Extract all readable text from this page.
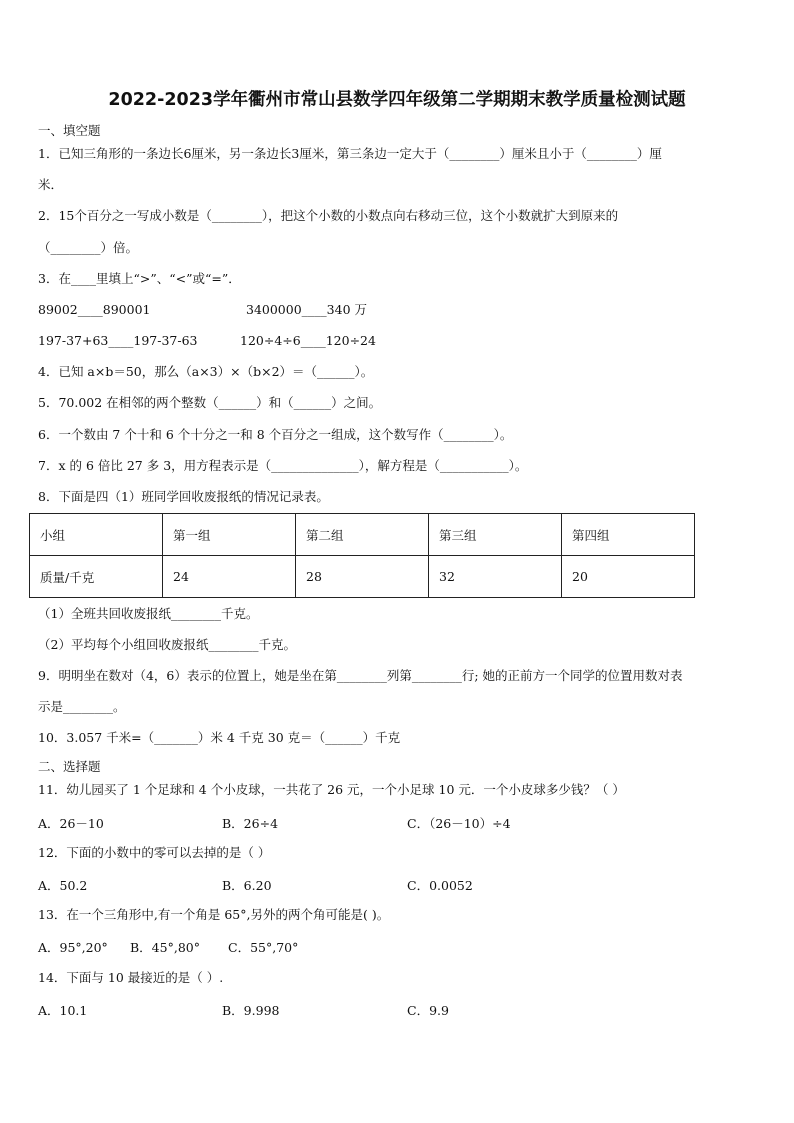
2022-2023学年衢州市常山县数学四年级第二学期期末教学质量检测试题
一、填空题
1．已知三角形的一条边长6厘米，另一条边长3厘米，第三条边一定大于（________）厘米且小于（________）厘
米．
2．15个百分之一写成小数是（________），把这个小数的小数点向右移动三位，这个小数就扩大到原来的
（________）倍。
3．在____里填上“>”、“<”或“=”．
89002____890001	3400000____340 万
197-37+63____197-37-63	120÷4÷6____120÷24
4．已知 a×b＝50，那么（a×3）×（b×2）＝（______）。
5．70.002 在相邻的两个整数（______）和（______）之间。
6．一个数由 7 个十和 6 个十分之一和 8 个百分之一组成，这个数写作（________）。
7．x 的 6 倍比 27 多 3，用方程表示是（______________），解方程是（___________）。
8．下面是四（1）班同学回收废报纸的情况记录表。
小组	第一组	第二组	第三组	第四组
质量/千克	24	28	32	20
（1）全班共回收废报纸________千克。
（2）平均每个小组回收废报纸________千克。
9．明明坐在数对（4，6）表示的位置上，她是坐在第________列第________行; 她的正前方一个同学的位置用数对表
示是________。
10．3.057 千米=（_______）米 4 千克 30 克＝（______）千克
二、选择题
11．幼儿园买了 1 个足球和 4 个小皮球，一共花了 26 元，一个小足球 10 元．一个小皮球多少钱？（ ）
A．26－10	B．26÷4	C．（26－10）÷4
12．下面的小数中的零可以去掉的是（ ）
A．50.2	B．6.20	C．0.0052
13．在一个三角形中,有一个角是 65°,另外的两个角可能是( )。
A．95°,20° B．45°,80° C．55°,70°
14．下面与 10 最接近的是（ ）.
A．10.1	B．9.998	C．9.9
